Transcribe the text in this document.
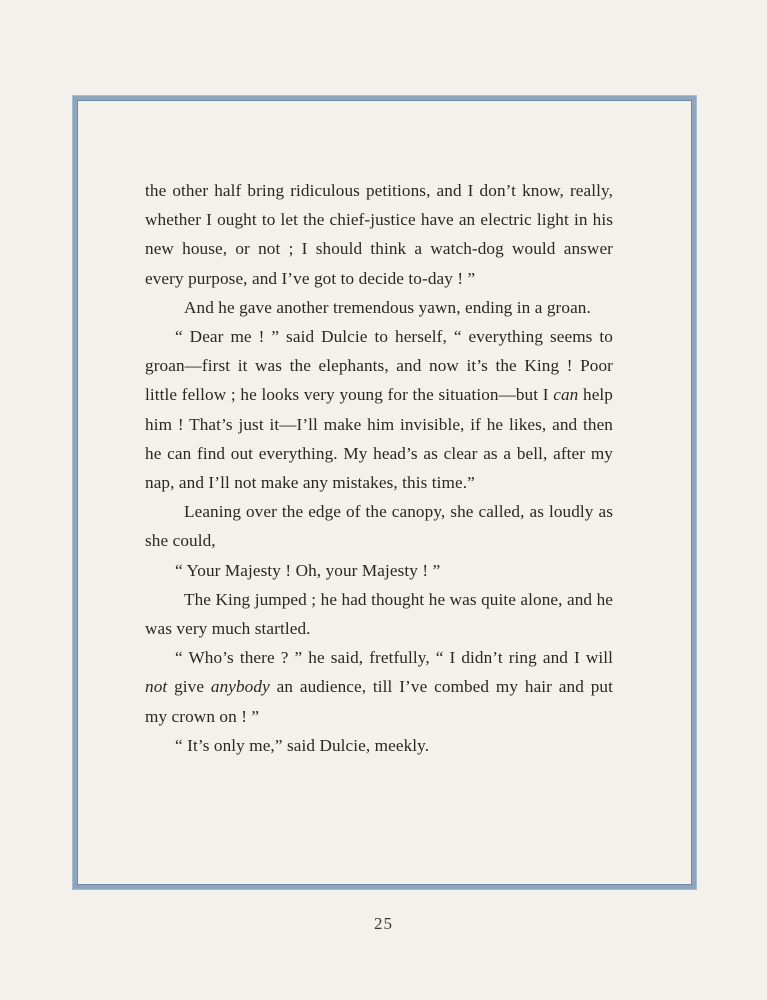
the other half bring ridiculous petitions, and I don’t know, really, whether I ought to let the chief-justice have an electric light in his new house, or not ; I should think a watch-dog would answer every purpose, and I’ve got to decide to-day ! ”

And he gave another tremendous yawn, ending in a groan.

“ Dear me ! ” said Dulcie to herself, “ everything seems to groan—first it was the elephants, and now it’s the King ! Poor little fellow ; he looks very young for the situation—but I can help him ! That’s just it—I’ll make him invisible, if he likes, and then he can find out everything. My head’s as clear as a bell, after my nap, and I’ll not make any mistakes, this time.”

Leaning over the edge of the canopy, she called, as loudly as she could,

“ Your Majesty ! Oh, your Majesty ! ”

The King jumped ; he had thought he was quite alone, and he was very much startled.

“ Who’s there ? ” he said, fretfully, “ I didn’t ring and I will not give anybody an audience, till I’ve combed my hair and put my crown on ! ”

“ It’s only me,” said Dulcie, meekly.

25
